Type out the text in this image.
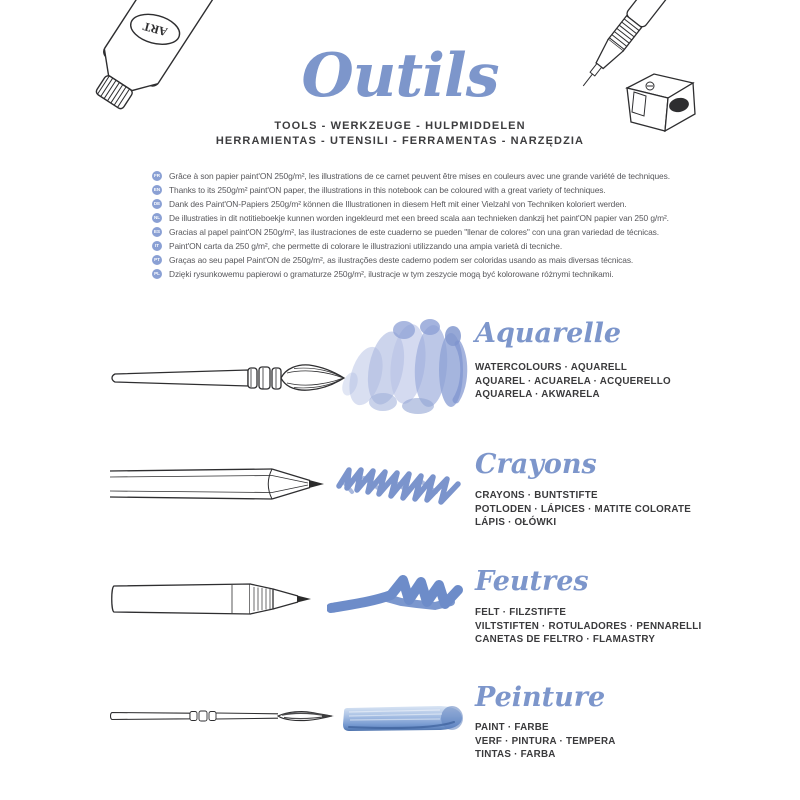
ART
Outils
TOOLS - WERKZEUGE - HULPMIDDELEN
HERRAMIENTAS - UTENSILI - FERRAMENTAS - NARZĘDZIA
FR Grâce à son papier paint'ON 250g/m², les illustrations de ce carnet peuvent être mises en couleurs avec une grande variété de techniques.
EN Thanks to its 250g/m² paint'ON paper, the illustrations in this notebook can be coloured with a great variety of techniques.
DE Dank des Paint'ON-Papiers 250g/m² können die Illustrationen in diesem Heft mit einer Vielzahl von Techniken koloriert werden.
NL De illustraties in dit notitieboekje kunnen worden ingekleurd met een breed scala aan technieken dankzij het paint'ON papier van 250 g/m².
ES Gracias al papel paint'ON 250g/m², las ilustraciones de este cuaderno se pueden "llenar de colores" con una gran variedad de técnicas.
IT	Paint'ON carta da 250 g/m², che permette di colorare le illustrazioni utilizzando una ampia varietà di tecniche.
PT Graças ao seu papel Paint'ON de 250g/m², as ilustrações deste caderno podem ser coloridas usando as mais diversas técnicas.
PL Dzięki rysunkowemu papierowi o gramaturze 250g/m², ilustracje w tym zeszycie mogą być kolorowane różnymi technikami.
Aquarelle
WATERCOLOURS · AQUARELL
AQUAREL · ACUARELA · ACQUERELLO
AQUARELA · AKWARELA
Crayons
CRAYONS · BUNTSTIFTE
POTLODEN · LÁPICES · MATITE COLORATE
LÁPIS · OŁÓWKI
Feutres
FELT · FILZSTIFTE
VILTSTIFTEN · ROTULADORES · PENNARELLI
CANETAS DE FELTRO · FLAMASTRY
Peinture
PAINT · FARBE
VERF · PINTURA · TEMPERA
TINTAS · FARBA
